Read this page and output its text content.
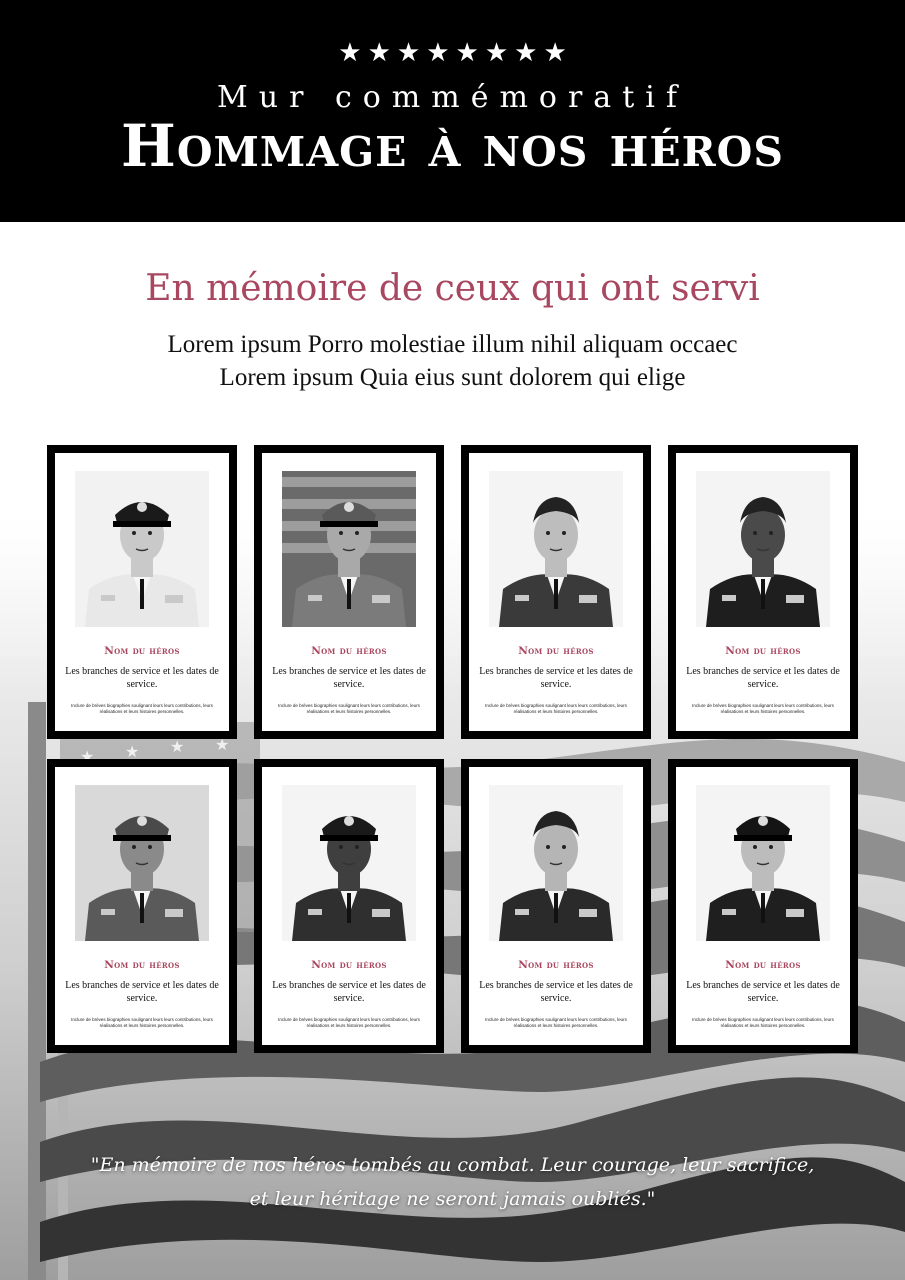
★ ★ ★ ★ ★ ★ ★ ★
Mur commémoratif
Hommage à nos héros
En mémoire de ceux qui ont servi
Lorem ipsum Porro molestiae illum nihil aliquam occaec
Lorem ipsum Quia eius sunt dolorem qui elige
Nom du héros
Les branches de service et les dates de service.
Inclure de brèves biographies soulignant leurs leurs contributions, leurs réalisations et leurs histoires personnelles.
Nom du héros
Les branches de service et les dates de service.
Inclure de brèves biographies soulignant leurs leurs contributions, leurs réalisations et leurs histoires personnelles.
Nom du héros
Les branches de service et les dates de service.
Inclure de brèves biographies soulignant leurs leurs contributions, leurs réalisations et leurs histoires personnelles.
Nom du héros
Les branches de service et les dates de service.
Inclure de brèves biographies soulignant leurs leurs contributions, leurs réalisations et leurs histoires personnelles.
Nom du héros
Les branches de service et les dates de service.
Inclure de brèves biographies soulignant leurs leurs contributions, leurs réalisations et leurs histoires personnelles.
Nom du héros
Les branches de service et les dates de service.
Inclure de brèves biographies soulignant leurs leurs contributions, leurs réalisations et leurs histoires personnelles.
Nom du héros
Les branches de service et les dates de service.
Inclure de brèves biographies soulignant leurs leurs contributions, leurs réalisations et leurs histoires personnelles.
Nom du héros
Les branches de service et les dates de service.
Inclure de brèves biographies soulignant leurs leurs contributions, leurs réalisations et leurs histoires personnelles.
"En mémoire de nos héros tombés au combat. Leur courage, leur sacrifice,
et leur héritage ne seront jamais oubliés."
